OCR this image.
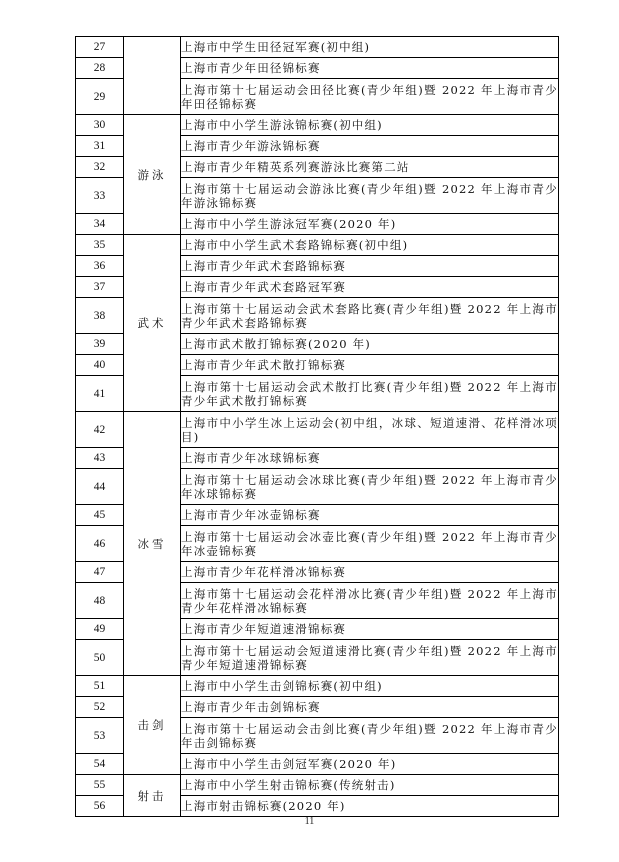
27		上海市中学生田径冠军赛(初中组)
28		上海市青少年田径锦标赛
29		上海市第十七届运动会田径比赛(青少年组)暨 2022 年上海市青少年田径锦标赛
30	游泳	上海市中小学生游泳锦标赛(初中组)
31		上海市青少年游泳锦标赛
32		上海市青少年精英系列赛游泳比赛第二站
33		上海市第十七届运动会游泳比赛(青少年组)暨 2022 年上海市青少年游泳锦标赛
34		上海市中小学生游泳冠军赛(2020 年)
35	武术	上海市中小学生武术套路锦标赛(初中组)
36		上海市青少年武术套路锦标赛
37		上海市青少年武术套路冠军赛
38		上海市第十七届运动会武术套路比赛(青少年组)暨 2022 年上海市青少年武术套路锦标赛
39		上海市武术散打锦标赛(2020 年)
40		上海市青少年武术散打锦标赛
41		上海市第十七届运动会武术散打比赛(青少年组)暨 2022 年上海市青少年武术散打锦标赛
42	冰雪	上海市中小学生冰上运动会(初中组，冰球、短道速滑、花样滑冰项目)
43		上海市青少年冰球锦标赛
44		上海市第十七届运动会冰球比赛(青少年组)暨 2022 年上海市青少年冰球锦标赛
45		上海市青少年冰壶锦标赛
46		上海市第十七届运动会冰壶比赛(青少年组)暨 2022 年上海市青少年冰壶锦标赛
47		上海市青少年花样滑冰锦标赛
48		上海市第十七届运动会花样滑冰比赛(青少年组)暨 2022 年上海市青少年花样滑冰锦标赛
49		上海市青少年短道速滑锦标赛
50		上海市第十七届运动会短道速滑比赛(青少年组)暨 2022 年上海市青少年短道速滑锦标赛
51	击剑	上海市中小学生击剑锦标赛(初中组)
52		上海市青少年击剑锦标赛
53		上海市第十七届运动会击剑比赛(青少年组)暨 2022 年上海市青少年击剑锦标赛
54		上海市中小学生击剑冠军赛(2020 年)
55	射击	上海市中小学生射击锦标赛(传统射击)
56		上海市射击锦标赛(2020 年)
11
